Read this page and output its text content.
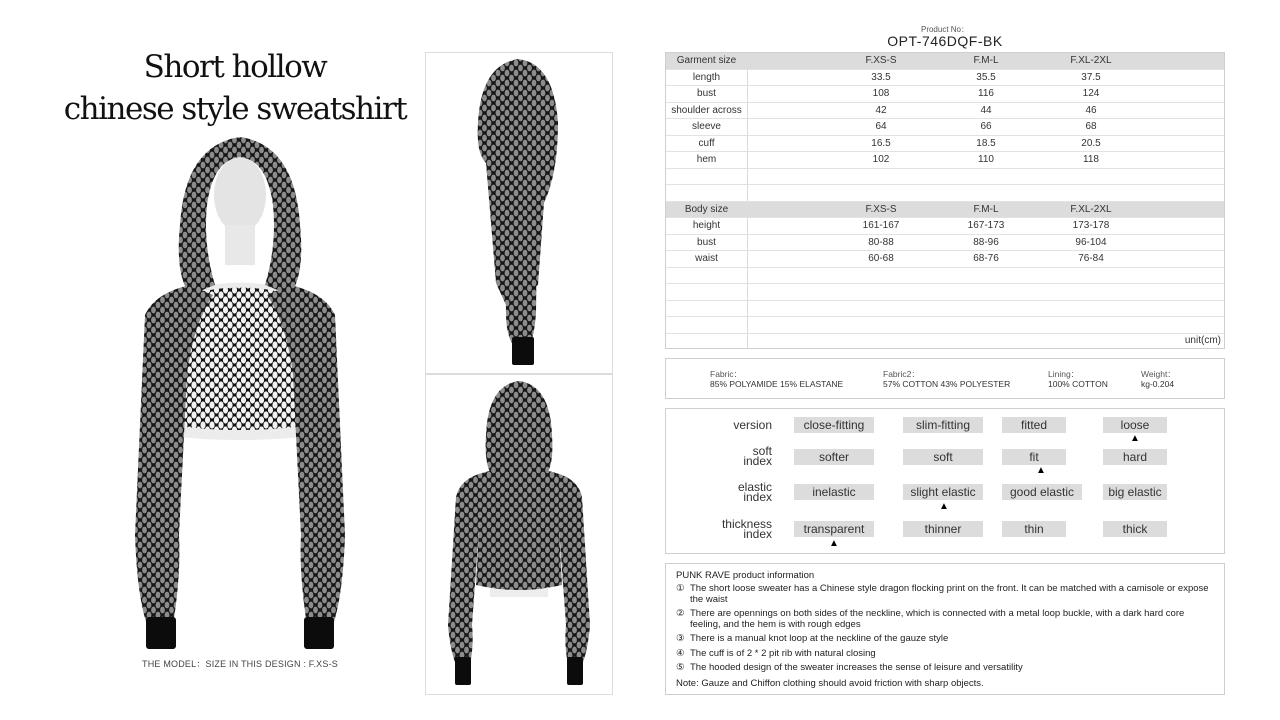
Short hollow
chinese style sweatshirt
THE MODEL：SIZE IN THIS DESIGN : F.XS-S
Product No：
OPT-746DQF-BK
Garment size	F.XS-S	F.M-L	F.XL-2XL
length	33.5	35.5	37.5
bust	108	116	124
shoulder across	42	44	46
sleeve	64	66	68
cuff	16.5	18.5	20.5
hem	102	110	118
Body size	F.XS-S	F.M-L	F.XL-2XL
height	161-167	167-173	173-178
bust	80-88	88-96	96-104
waist	60-68	68-76	76-84
unit(cm)
Fabric：
85% POLYAMIDE 15% ELASTANE
Fabric2：
57% COTTON 43% POLYESTER
Lining：
100% COTTON
Weight：
kg-0.204
version	close-fitting	slim-fitting	fitted	loose
▲
soft
index	softer	soft	fit	hard
▲
elastic
index	inelastic	slight elastic	good elastic	big elastic
▲
thickness
index	transparent	thinner	thin	thick
▲
PUNK RAVE product information
① The short loose sweater has a Chinese style dragon flocking print on the front. It can be matched with a camisole or expose the waist
② There are opennings on both sides of the neckline, which is connected with a metal loop buckle, with a dark hard core feeling, and the hem is with rough edges
③ There is a manual knot loop at the neckline of the gauze style
④ The cuff is of 2 * 2 pit rib with natural closing
⑤ The hooded design of the sweater increases the sense of leisure and versatility
Note: Gauze and Chiffon clothing should avoid friction with sharp objects.
